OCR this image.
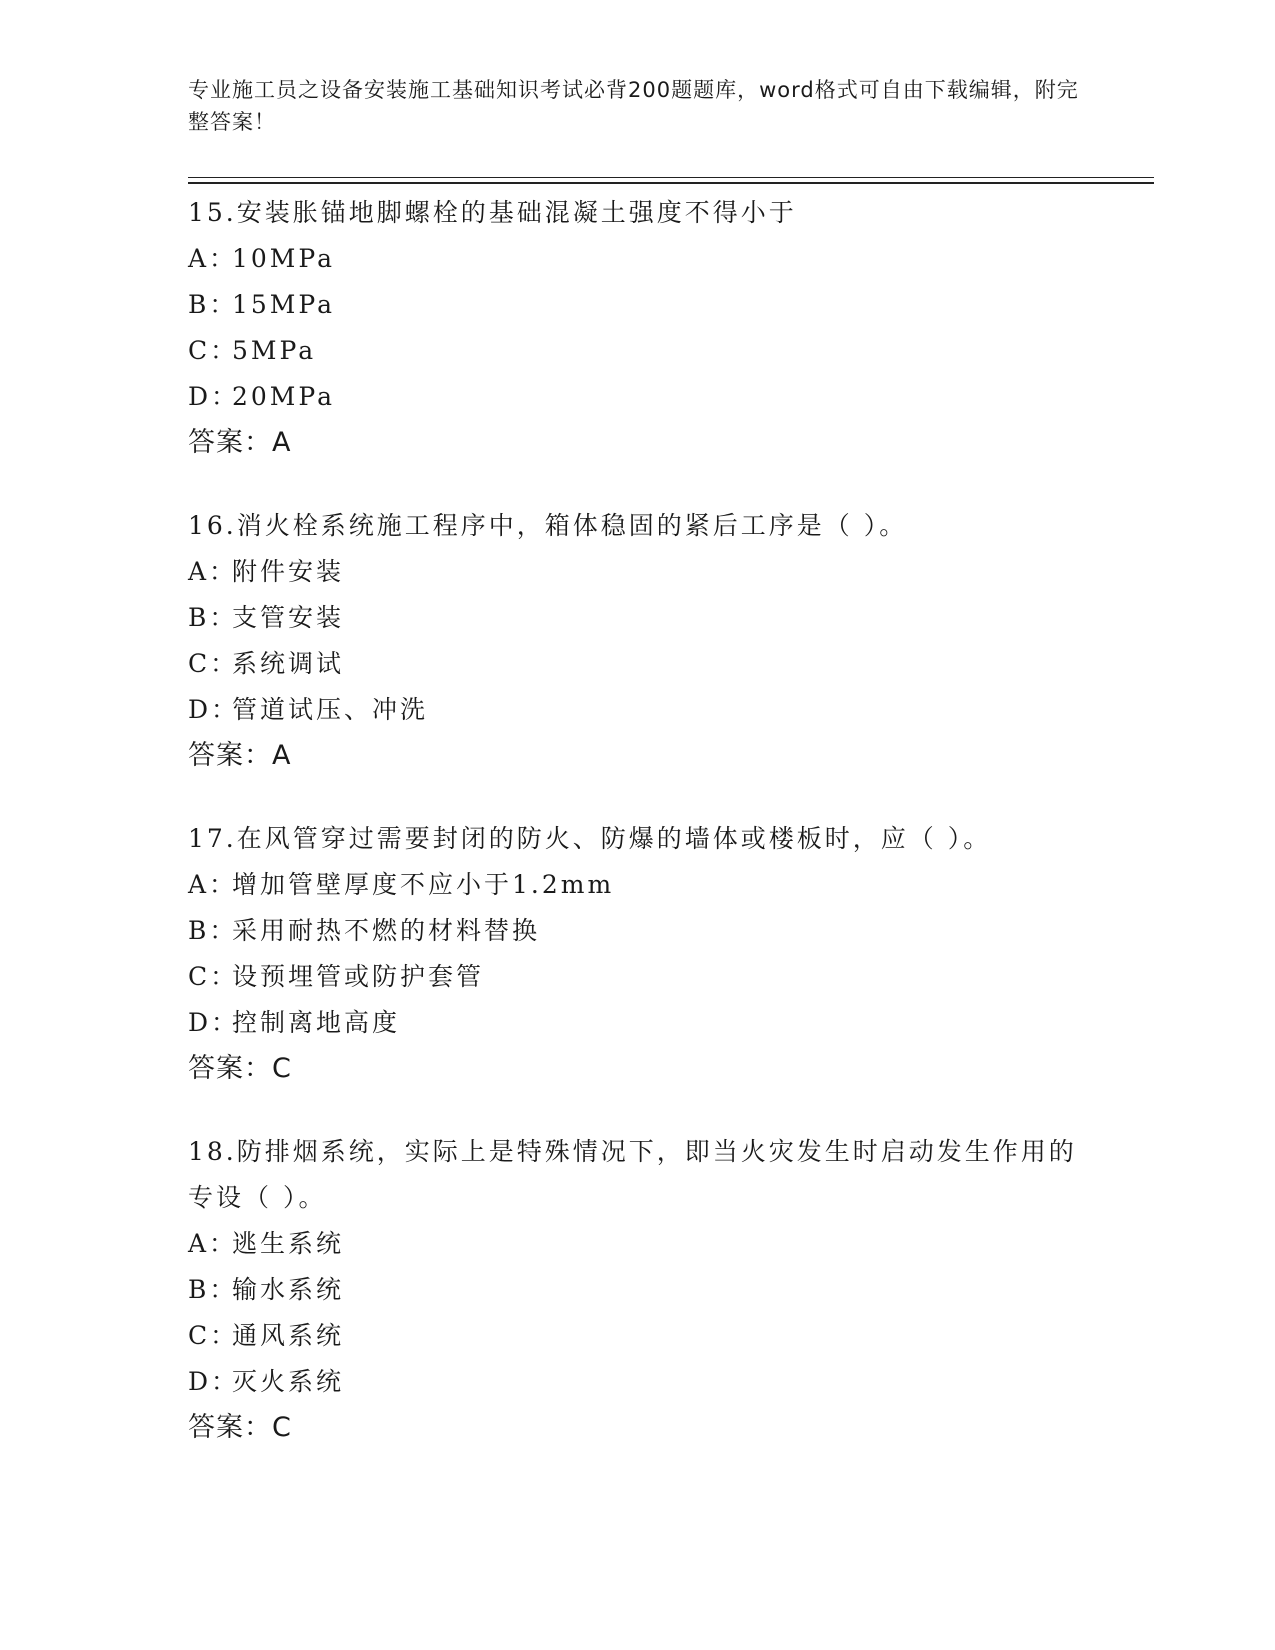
专业施工员之设备安装施工基础知识考试必背200题题库，word格式可自由下载编辑，附完整答案！
15.安装胀锚地脚螺栓的基础混凝土强度不得小于
A：
10MPa
B：
15MPa
C：
5MPa
D：
20MPa
答案：A
16.消火栓系统施工程序中，箱体稳固的紧后工序是（ ）。
A：
附件安装
B：
支管安装
C：
系统调试
D：
管道试压、冲洗
答案：A
17.在风管穿过需要封闭的防火、防爆的墙体或楼板时，应（ ）。
A：
增加管壁厚度不应小于1.2mm
B：
采用耐热不燃的材料替换
C：
设预埋管或防护套管
D：
控制离地高度
答案：C
18.防排烟系统，实际上是特殊情况下，即当火灾发生时启动发生作用的专设（ ）。
A：
逃生系统
B：
输水系统
C：
通风系统
D：
灭火系统
答案：C
